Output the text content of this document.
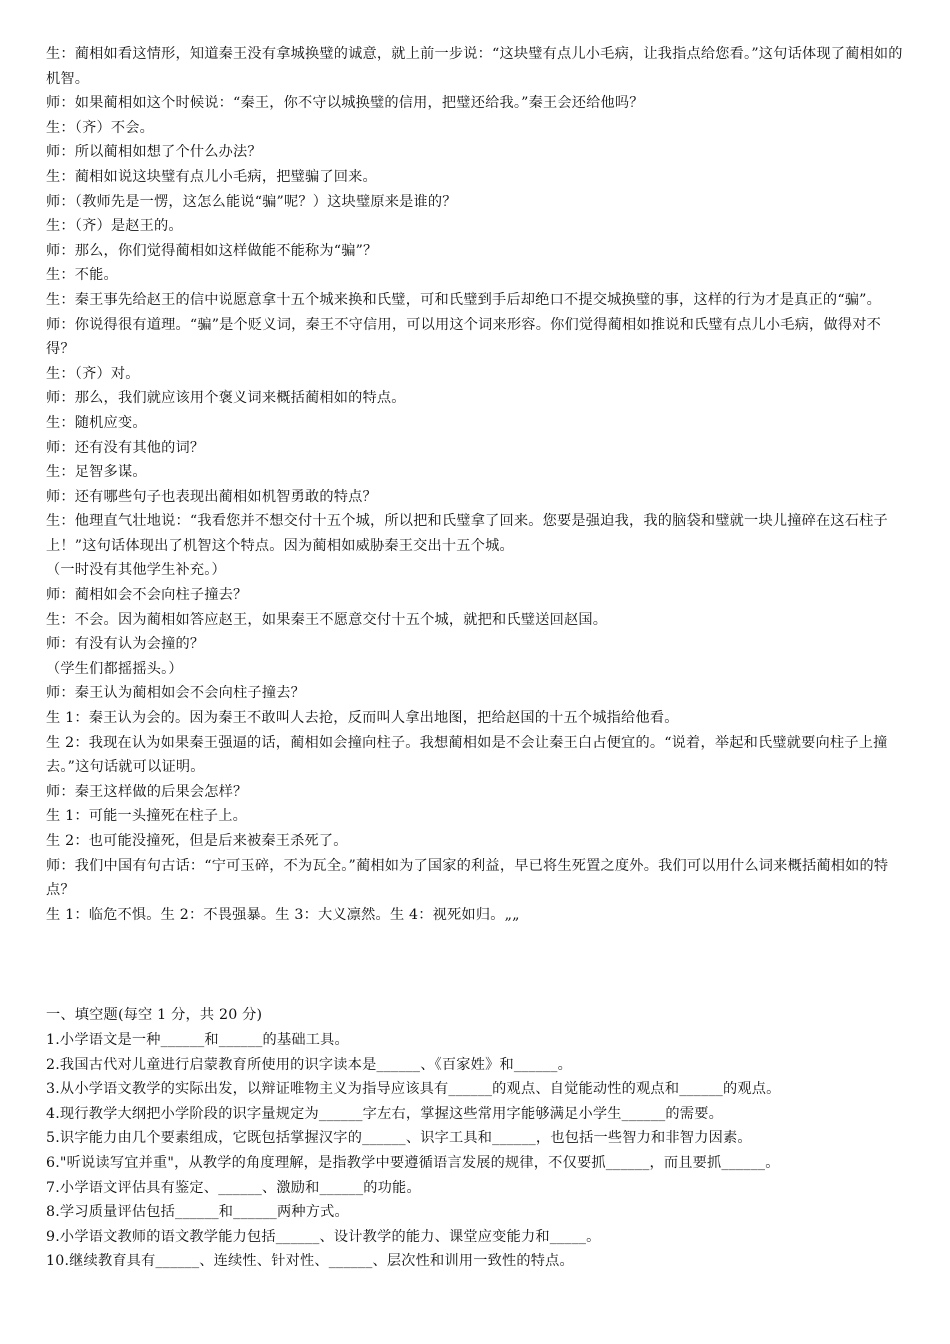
生：蔺相如看这情形，知道秦王没有拿城换璧的诚意，就上前一步说：“这块璧有点儿小毛病，让我指点给您看。”这句话体现了蔺相如的机智。

师：如果蔺相如这个时候说：“秦王，你不守以城换璧的信用，把璧还给我。”秦王会还给他吗？

生：（齐）不会。

师：所以蔺相如想了个什么办法？

生：蔺相如说这块璧有点儿小毛病，把璧骗了回来。

师：（教师先是一愣，这怎么能说“骗”呢？）这块璧原来是谁的？

生：（齐）是赵王的。

师：那么，你们觉得蔺相如这样做能不能称为“骗”？

生：不能。

生：秦王事先给赵王的信中说愿意拿十五个城来换和氏璧，可和氏璧到手后却绝口不提交城换璧的事，这样的行为才是真正的“骗”。

师：你说得很有道理。“骗”是个贬义词，秦王不守信用，可以用这个词来形容。你们觉得蔺相如推说和氏璧有点儿小毛病，做得对不得？

生：（齐）对。

师：那么，我们就应该用个褒义词来概括蔺相如的特点。

生：随机应变。

师：还有没有其他的词？

生：足智多谋。

师：还有哪些句子也表现出蔺相如机智勇敢的特点？

生：他理直气壮地说：“我看您并不想交付十五个城，所以把和氏璧拿了回来。您要是强迫我，我的脑袋和璧就一块儿撞碎在这石柱子上！”这句话体现出了机智这个特点。因为蔺相如威胁秦王交出十五个城。

（一时没有其他学生补充。）

师：蔺相如会不会向柱子撞去？

生：不会。因为蔺相如答应赵王，如果秦王不愿意交付十五个城，就把和氏璧送回赵国。

师：有没有认为会撞的？

（学生们都摇摇头。）

师：秦王认为蔺相如会不会向柱子撞去？

生 1：秦王认为会的。因为秦王不敢叫人去抢，反而叫人拿出地图，把给赵国的十五个城指给他看。

生 2：我现在认为如果秦王强逼的话，蔺相如会撞向柱子。我想蔺相如是不会让秦王白占便宜的。“说着，举起和氏璧就要向柱子上撞去。”这句话就可以证明。

师：秦王这样做的后果会怎样？

生 1：可能一头撞死在柱子上。

生 2：也可能没撞死，但是后来被秦王杀死了。

师：我们中国有句古话：“宁可玉碎，不为瓦全。”蔺相如为了国家的利益，早已将生死置之度外。我们可以用什么词来概括蔺相如的特点？

生 1：临危不惧。生 2：不畏强暴。生 3：大义凛然。生 4：视死如归。„„

一、填空题(每空 1 分，共 20 分)

1.小学语文是一种______和______的基础工具。

2.我国古代对儿童进行启蒙教育所使用的识字读本是______、《百家姓》和______。

3.从小学语文教学的实际出发，以辩证唯物主义为指导应该具有______的观点、自觉能动性的观点和______的观点。

4.现行教学大纲把小学阶段的识字量规定为______字左右，掌握这些常用字能够满足小学生______的需要。

5.识字能力由几个要素组成，它既包括掌握汉字的______、识字工具和______，也包括一些智力和非智力因素。

6."听说读写宜并重"，从教学的角度理解，是指教学中要遵循语言发展的规律，不仅要抓______，而且要抓______。

7.小学语文评估具有鉴定、______、激励和______的功能。

8.学习质量评估包括______和______两种方式。

9.小学语文教师的语文教学能力包括______、设计教学的能力、课堂应变能力和_____。

10.继续教育具有______、连续性、针对性、______、层次性和训用一致性的特点。
